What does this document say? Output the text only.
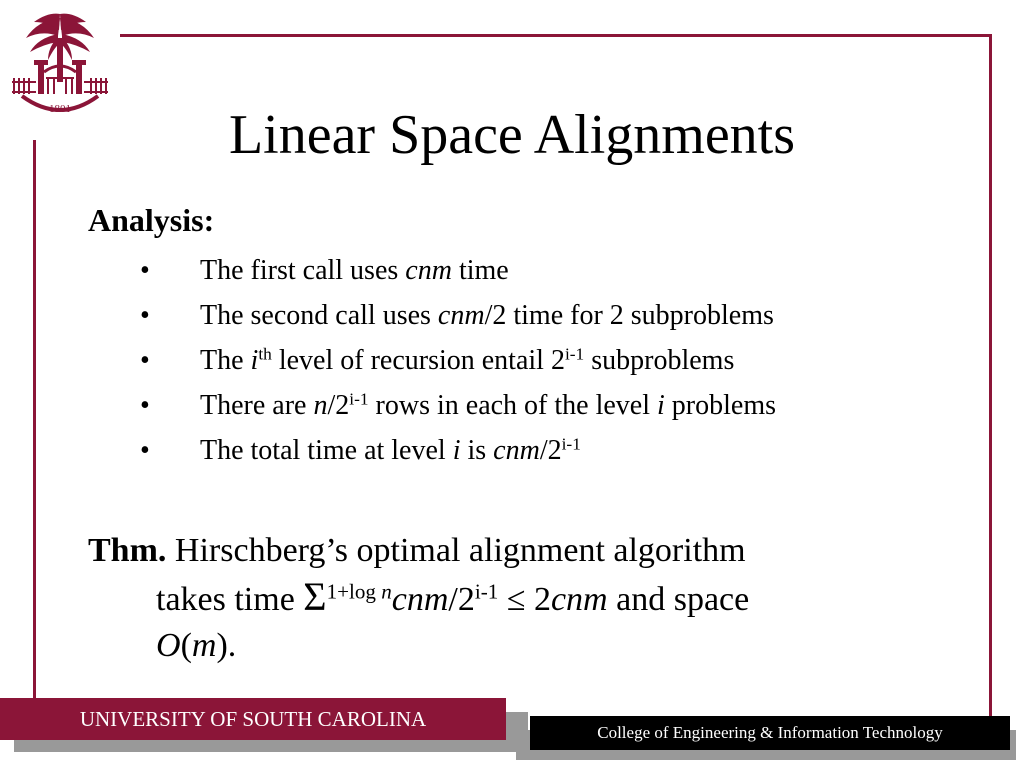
1801	Linear Space Alignments
Analysis:
•	The first call uses cnm time
•	The second call uses cnm/2 time for 2 subproblems
•	The $i^{th}$ level of recursion entail 2$^{i-1}$ subproblems
•	There are n/2$^{i-1}$ rows in each of the level i problems
•	The total time at level i is cnm/2$^{i-1}$
Thm. Hirschberg’s optimal alignment algorithm
takes time $\Sigma^{1+log n}cnm/2^{i-1} \le 2cnm$ and space
O(m).
UNIVERSITY OF SOUTH CAROLINA
College of Engineering & Information Technology
